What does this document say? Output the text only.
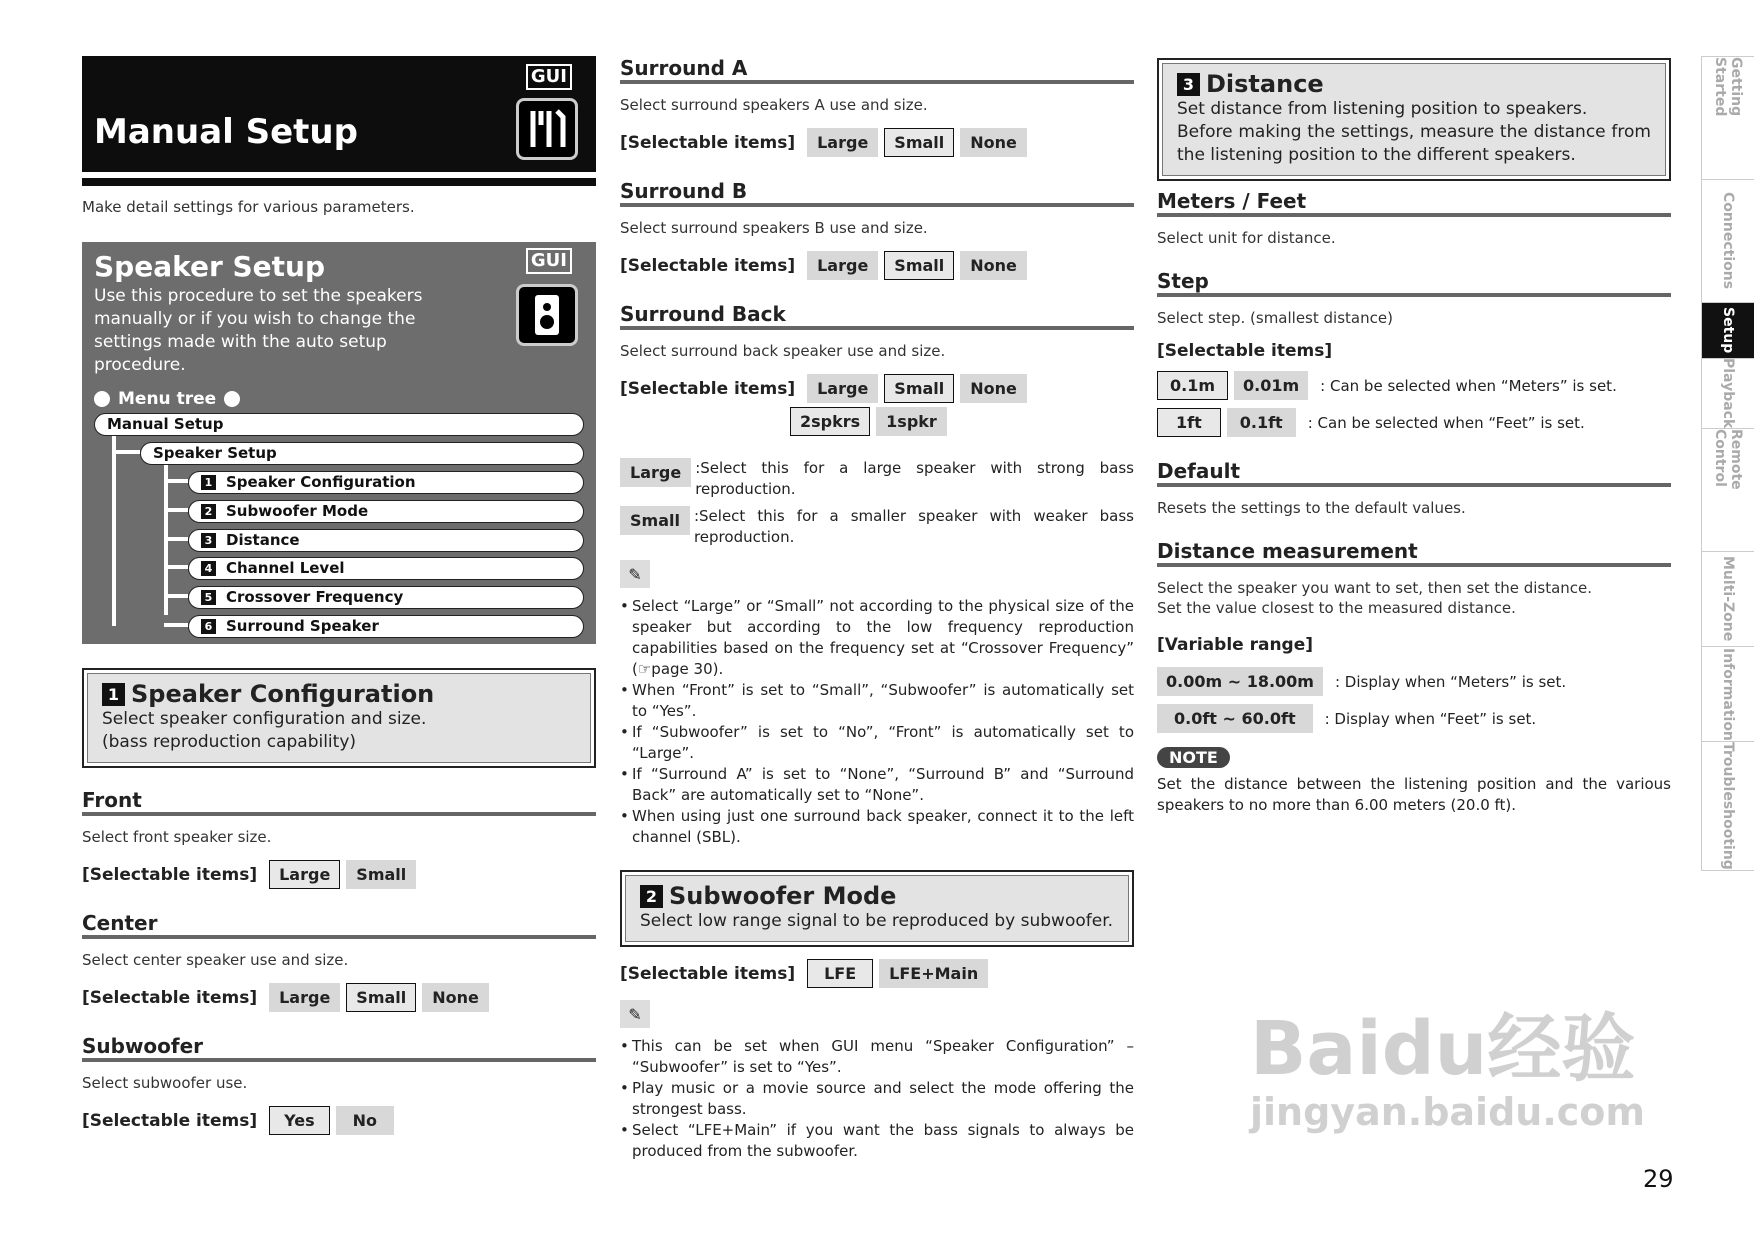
GUI
Manual Setup
Make detail settings for various parameters.
GUI
Speaker Setup
Use this procedure to set the speakers manually or if you wish to change the settings made with the auto setup procedure.
Menu tree
Manual Setup
Speaker Setup
1 Speaker Configuration
2 Subwoofer Mode
3 Distance
4 Channel Level
5 Crossover Frequency
6 Surround Speaker
1 Speaker Configuration

Select speaker configuration and size.

(bass reproduction capability)

Front
Select front speaker size.
[Selectable items]	Large	Small
Center
Select center speaker use and size.
[Selectable items]	Large	Small	None
Subwoofer
Select subwoofer use.
[Selectable items]	Yes	No
Surround A
Select surround speakers A use and size.
[Selectable items]	Large	Small	None
Surround B
Select surround speakers B use and size.
[Selectable items]	Large	Small	None
Surround Back
Select surround back speaker use and size.
[Selectable items]	Large	Small	None
2spkrs	1spkr
Large :Select this for a large speaker with strong bass reproduction.
Small :Select this for a smaller speaker with weaker bass reproduction.
✎
• Select “Large” or “Small” not according to the physical size of the speaker but according to the low frequency reproduction capabilities based on the frequency set at “Crossover Frequency” (☞page 30).
• When “Front” is set to “Small”, “Subwoofer” is automatically set to “Yes”.
• If “Subwoofer” is set to “No”, “Front” is automatically set to “Large”.
• If “Surround A” is set to “None”, “Surround B” and “Surround Back” are automatically set to “None”.
• When using just one surround back speaker, connect it to the left channel (SBL).
2 Subwoofer Mode

Select low range signal to be reproduced by subwoofer.

[Selectable items]	LFE	LFE+Main
✎
• This can be set when GUI menu “Speaker Configuration” – “Subwoofer” is set to “Yes”.
• Play music or a movie source and select the mode offering the strongest bass.
• Select “LFE+Main” if you want the bass signals to always be produced from the subwoofer.
3 Distance

Set distance from listening position to speakers.

Before making the settings, measure the distance from the listening position to the different speakers.

Meters / Feet
Select unit for distance.
Step
Select step. (smallest distance)
[Selectable items]
0.1m	0.01m	: Can be selected when “Meters” is set.
1ft	0.1ft	: Can be selected when “Feet” is set.
Default
Resets the settings to the default values.
Distance measurement
Select the speaker you want to set, then set the distance.
Set the value closest to the measured distance.
[Variable range]
0.00m ~ 18.00m	: Display when “Meters” is set.
0.0ft ~ 60.0ft	: Display when “Feet” is set.
NOTE
Set the distance between the listening position and the various speakers to no more than 6.00 meters (20.0 ft).
Getting Started
Connections
Setup
Playback
Remote Control
Multi-Zone
Information
Troubleshooting
Baidu经验
jingyan.baidu.com
29
